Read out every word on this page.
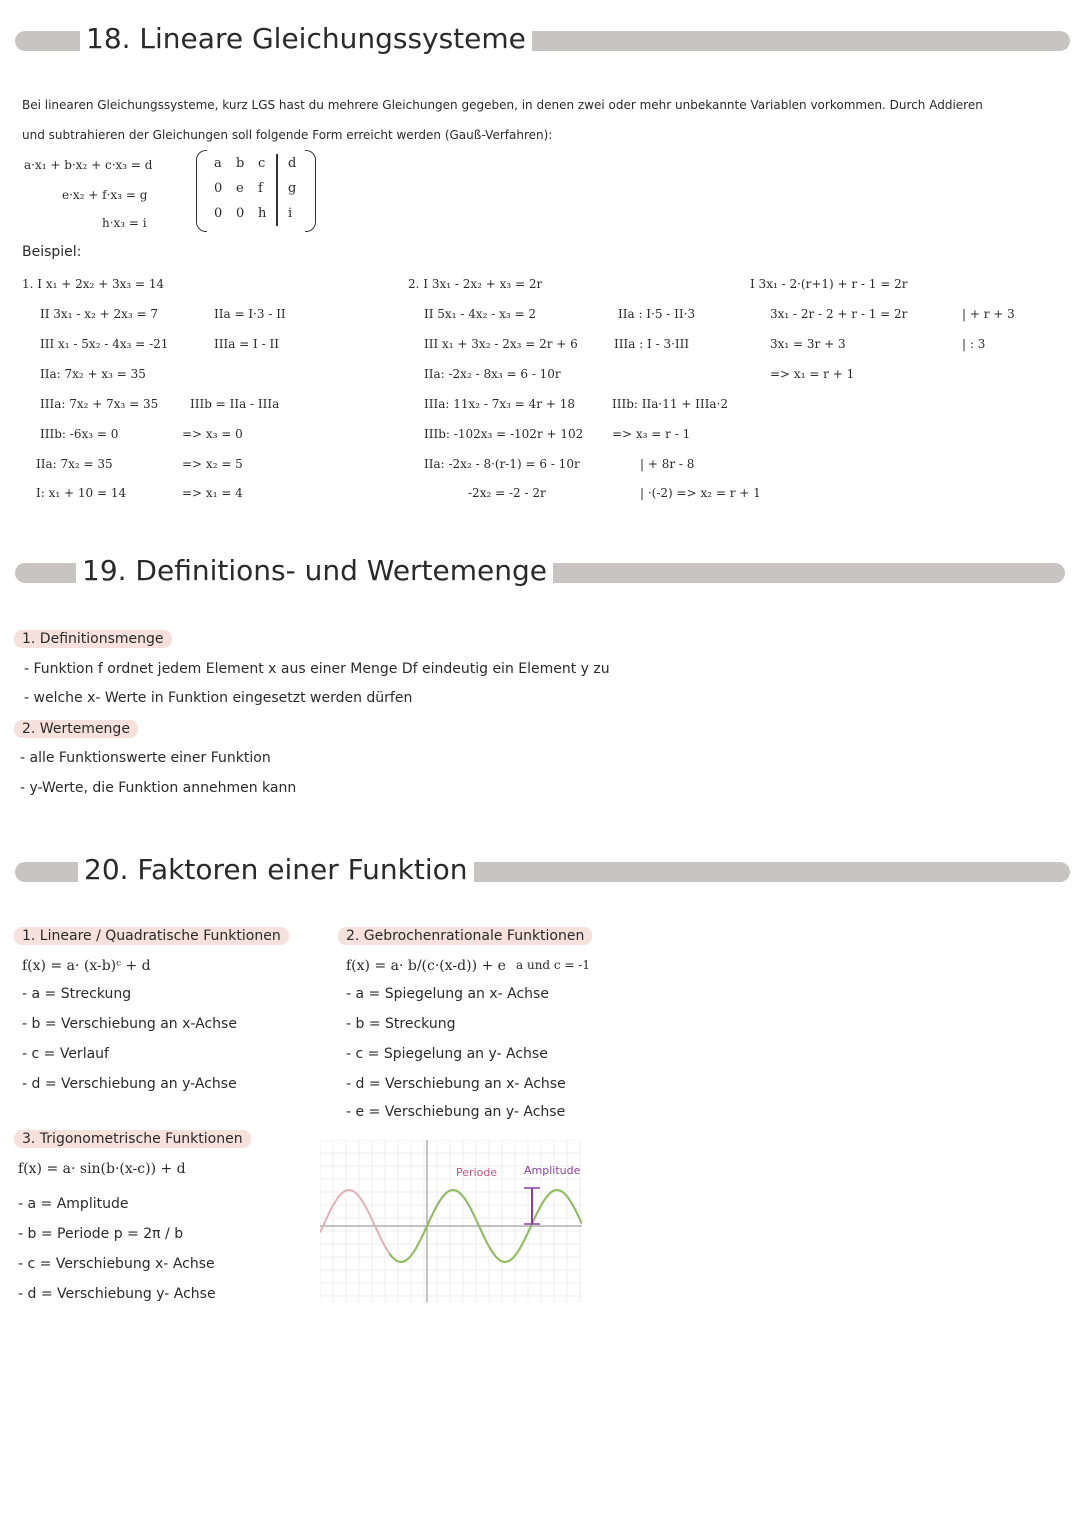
18. Lineare Gleichungssysteme
Bei linearen Gleichungssysteme, kurz LGS hast du mehrere Gleichungen gegeben, in denen zwei oder mehr unbekannte Variablen vorkommen. Durch Addieren
und subtrahieren der Gleichungen soll folgende Form erreicht werden (Gauß-Verfahren):
a·x₁ + b·x₂ + c·x₃ = d
e·x₂ + f·x₃ = g
h·x₃ = i
a b c d
0 e f g
0 0 h i
Beispiel:
1. I x₁ + 2x₂ + 3x₃ = 14
II 3x₁ - x₂ + 2x₃ = 7
III x₁ - 5x₂ - 4x₃ = -21
IIa: 7x₂ + x₃ = 35
IIIa: 7x₂ + 7x₃ = 35
IIIb: -6x₃ = 0
IIa: 7x₂ = 35
I: x₁ + 10 = 14
IIa = I·3 - II
IIIa = I - II
IIIb = IIa - IIIa
=> x₃ = 0
=> x₂ = 5
=> x₁ = 4
2. I 3x₁ - 2x₂ + x₃ = 2r
II 5x₁ - 4x₂ - x₃ = 2
III x₁ + 3x₂ - 2x₃ = 2r + 6
IIa: -2x₂ - 8x₃ = 6 - 10r
IIIa: 11x₂ - 7x₃ = 4r + 18
IIIb: -102x₃ = -102r + 102
IIa: -2x₂ - 8·(r-1) = 6 - 10r
-2x₂ = -2 - 2r
IIa : I·5 - II·3
IIIa : I - 3·III
IIIb: IIa·11 + IIIa·2
=> x₃ = r - 1
| + 8r - 8
| ·(-2) => x₂ = r + 1
I 3x₁ - 2·(r+1) + r - 1 = 2r
3x₁ - 2r - 2 + r - 1 = 2r
3x₁ = 3r + 3
=> x₁ = r + 1
| + r + 3
| : 3
19. Definitions- und Wertemenge
1. Definitionsmenge
- Funktion f ordnet jedem Element x aus einer Menge Df eindeutig ein Element y zu
- welche x- Werte in Funktion eingesetzt werden dürfen
2. Wertemenge
- alle Funktionswerte einer Funktion
- y-Werte, die Funktion annehmen kann
20. Faktoren einer Funktion
1. Lineare / Quadratische Funktionen
f(x) = a· (x-b)ᶜ + d
- a = Streckung
- b = Verschiebung an x-Achse
- c = Verlauf
- d = Verschiebung an y-Achse
2. Gebrochenrationale Funktionen
f(x) = a· b/(c·(x-d)) + e a und c = -1
- a = Spiegelung an x- Achse
- b = Streckung
- c = Spiegelung an y- Achse
- d = Verschiebung an x- Achse
- e = Verschiebung an y- Achse
3. Trigonometrische Funktionen
f(x) = a· sin(b·(x-c)) + d
- a = Amplitude
- b = Periode p = 2π / b
- c = Verschiebung x- Achse
- d = Verschiebung y- Achse
Periode Amplitude
